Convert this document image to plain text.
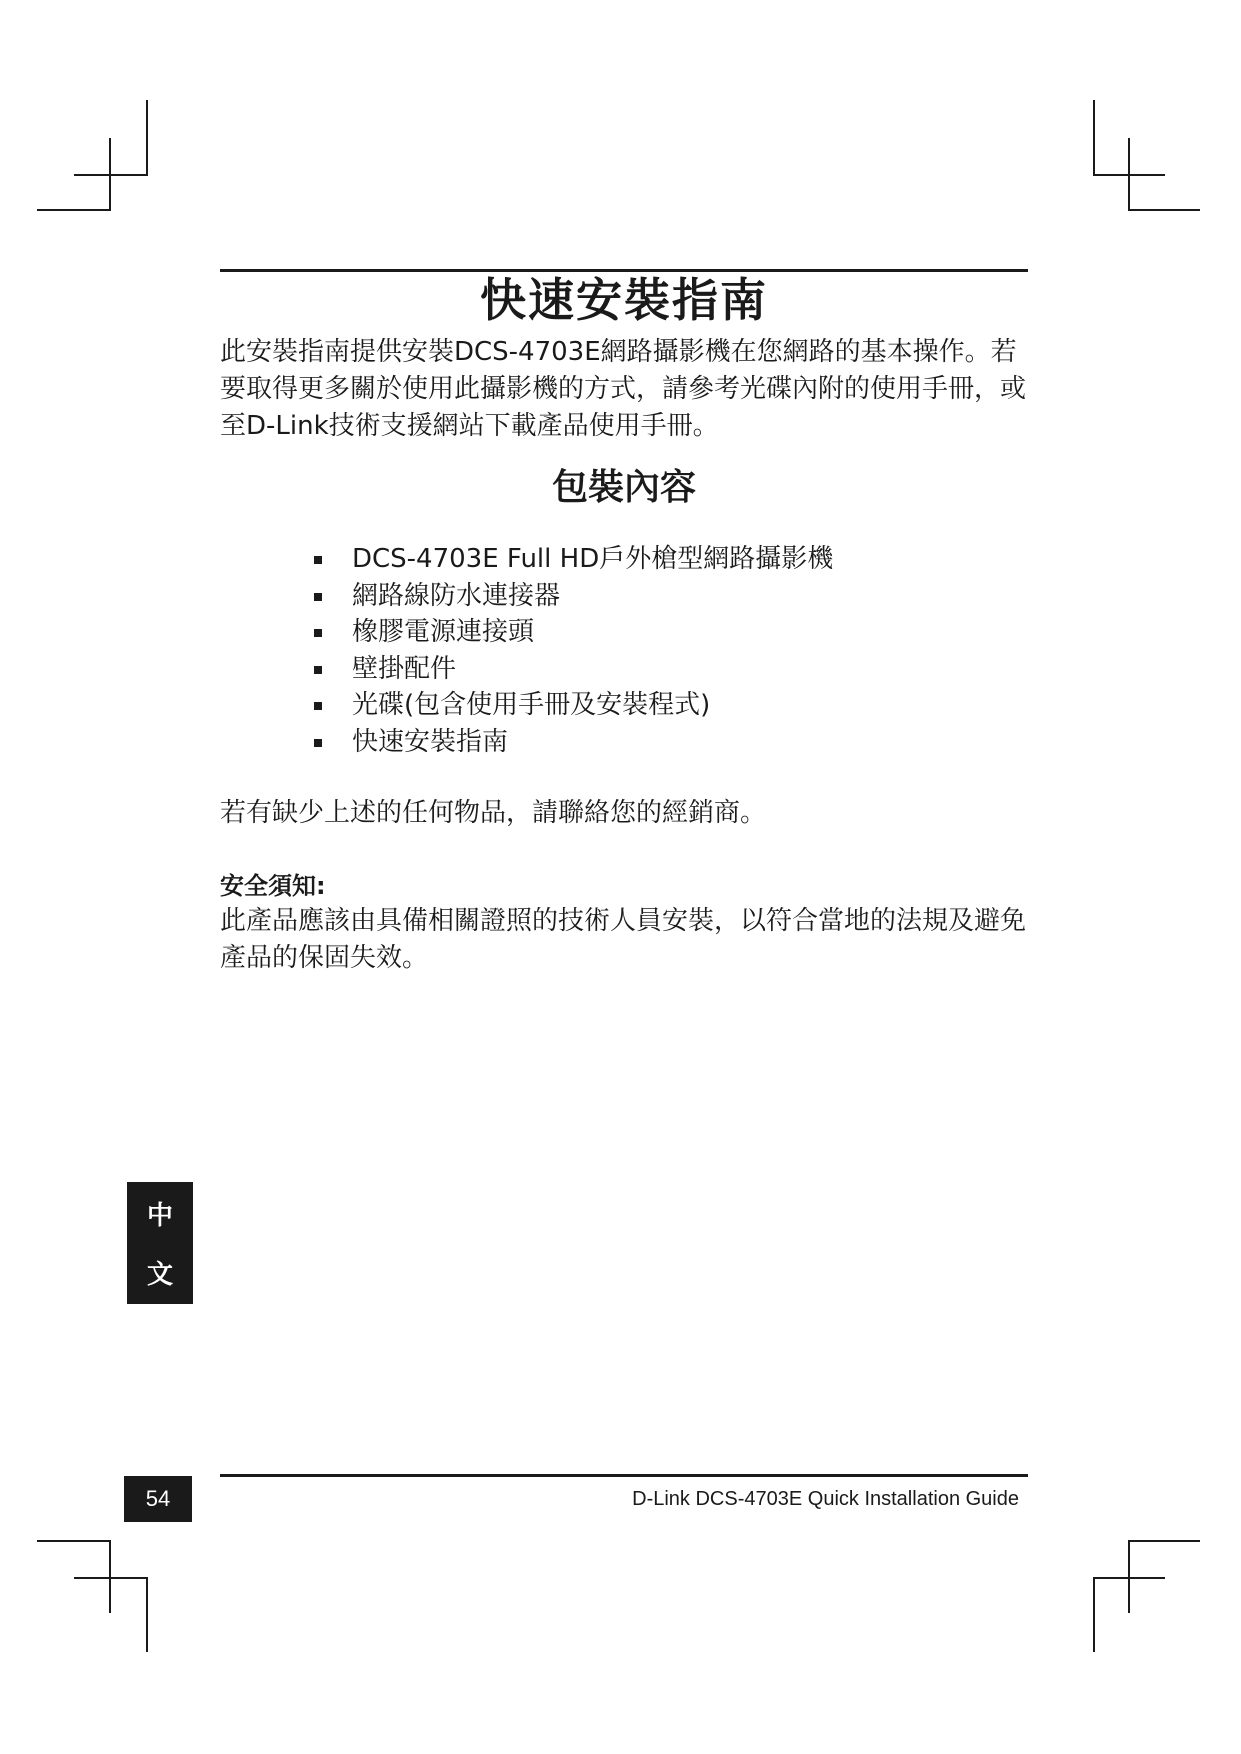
快速安裝指南

此安裝指南提供安裝DCS-4703E網路攝影機在您網路的基本操作。若要取得更多關於使用此攝影機的方式，請參考光碟內附的使用手冊，或至D-Link技術支援網站下載產品使用手冊。

包裝內容
DCS-4703E Full HD戶外槍型網路攝影機
網路線防水連接器
橡膠電源連接頭
壁掛配件
光碟(包含使用手冊及安裝程式)
快速安裝指南

若有缺少上述的任何物品，請聯絡您的經銷商。

安全須知:

此產品應該由具備相關證照的技術人員安裝，以符合當地的法規及避免產品的保固失效。

中
文
54	D-Link DCS-4703E Quick Installation Guide
